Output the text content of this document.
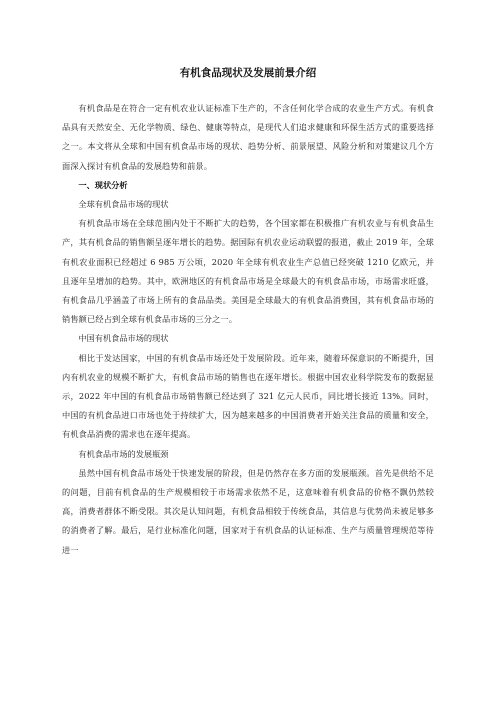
有机食品现状及发展前景介绍

有机食品是在符合一定有机农业认证标准下生产的，不含任何化学合成的农业生产方式。有机食品具有天然安全、无化学物质、绿色、健康等特点，是现代人们追求健康和环保生活方式的重要选择之一。本文将从全球和中国有机食品市场的现状、趋势分析、前景展望、风险分析和对策建议几个方面深入探讨有机食品的发展趋势和前景。

一、现状分析
全球有机食品市场的现状

有机食品市场在全球范围内处于不断扩大的趋势，各个国家都在积极推广有机农业与有机食品生产，其有机食品的销售额呈逐年增长的趋势。据国际有机农业运动联盟的报道，截止 2019 年，全球有机农业面积已经超过 6 985 万公顷，2020 年全球有机农业生产总值已经突破 1210 亿欧元，并且逐年呈增加的趋势。其中，欧洲地区的有机食品市场是全球最大的有机食品市场，市场需求旺盛，有机食品几乎涵盖了市场上所有的食品品类。美国是全球最大的有机食品消费国，其有机食品市场的销售额已经占到全球有机食品市场的三分之一。

中国有机食品市场的现状

相比于发达国家，中国的有机食品市场还处于发展阶段。近年来，随着环保意识的不断提升，国内有机农业的规模不断扩大，有机食品市场的销售也在逐年增长。根据中国农业科学院发布的数据显示，2022 年中国的有机食品市场销售额已经达到了 321 亿元人民币，同比增长接近 13%。同时，中国的有机食品进口市场也处于持续扩大，因为越来越多的中国消费者开始关注食品的质量和安全，有机食品消费的需求也在逐年提高。

有机食品市场的发展瓶颈

虽然中国有机食品市场处于快速发展的阶段，但是仍然存在多方面的发展瓶颈。首先是供给不足的问题，目前有机食品的生产规模相较于市场需求依然不足，这意味着有机食品的价格不飘仍然较高，消费者群体不断受限。其次是认知问题，有机食品相较于传统食品，其信息与优势尚未被足够多的消费者了解。最后，是行业标准化问题，国家对于有机食品的认证标准、生产与质量管理规范等待进一
